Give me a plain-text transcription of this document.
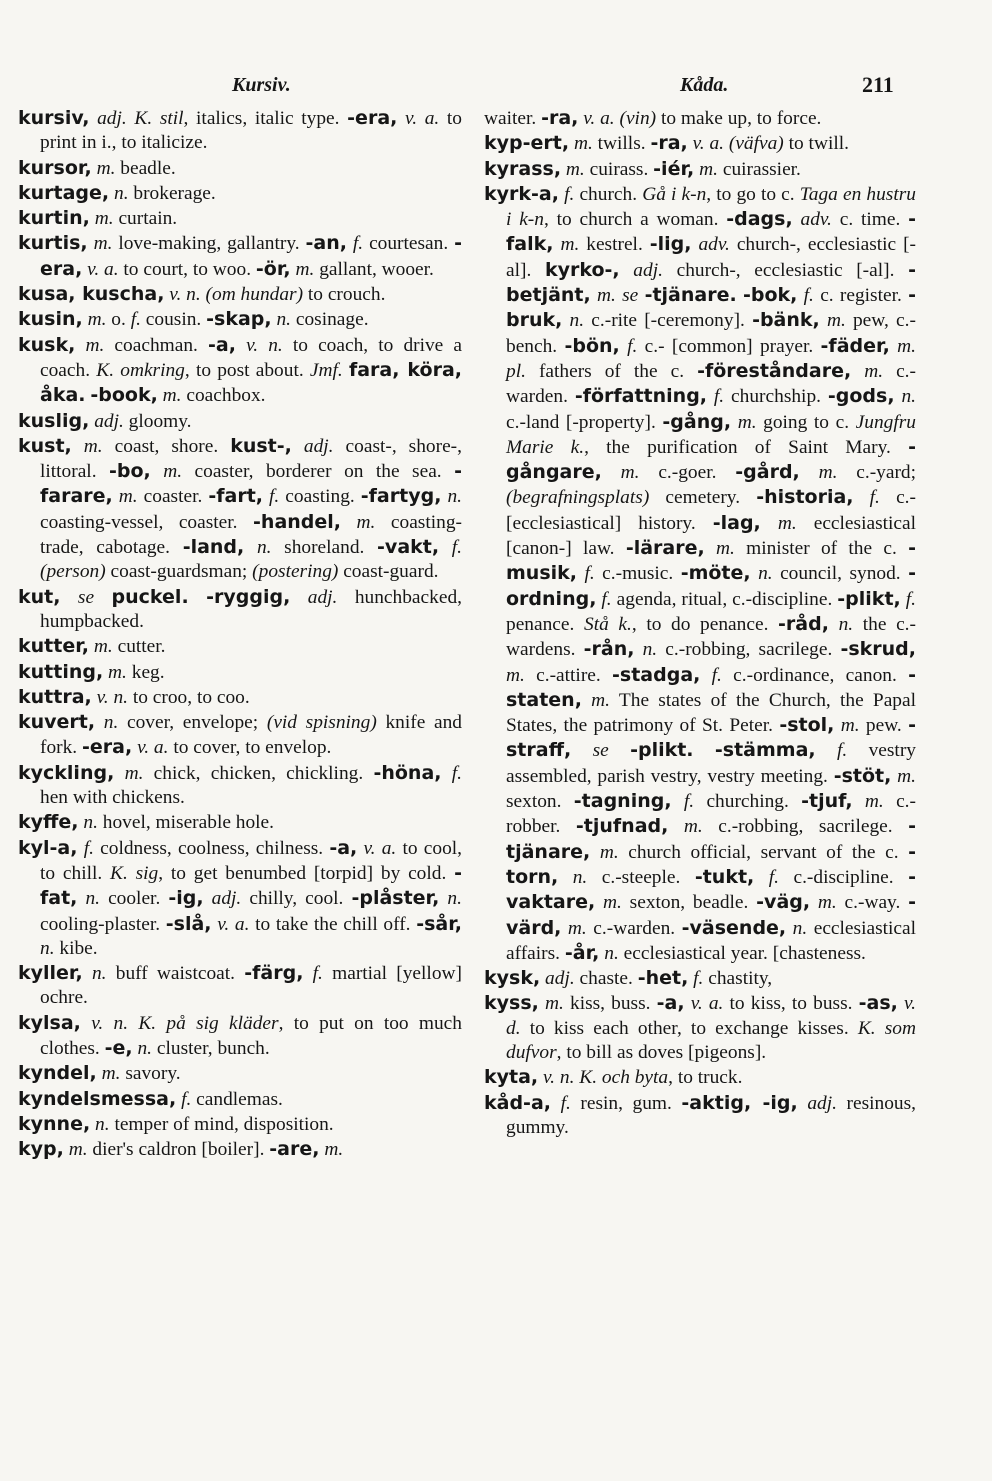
Kursiv.	Kåda.	211

kursiv, adj. K. stil, italics, italic type. -era, v. a. to print in i., to italicize.

kursor, m. beadle.

kurtage, n. brokerage.

kurtin, m. curtain.

kurtis, m. love-making, gallantry. -an, f. courtesan. -era, v. a. to court, to woo. -ör, m. gallant, wooer.

kusa, kuscha, v. n. (om hundar) to crouch.

kusin, m. o. f. cousin. -skap, n. cosinage.

kusk, m. coachman. -a, v. n. to coach, to drive a coach. K. omkring, to post about. Jmf. fara, köra, åka. -book, m. coachbox.

kuslig, adj. gloomy.

kust, m. coast, shore. kust-, adj. coast-, shore-, littoral. -bo, m. coaster, borderer on the sea. -farare, m. coaster. -fart, f. coasting. -fartyg, n. coasting-vessel, coaster. -handel, m. coasting-trade, cabotage. -land, n. shoreland. -vakt, f. (person) coast-guardsman; (postering) coast-guard.

kut, se puckel. -ryggig, adj. hunchbacked, humpbacked.

kutter, m. cutter.

kutting, m. keg.

kuttra, v. n. to croo, to coo.

kuvert, n. cover, envelope; (vid spisning) knife and fork. -era, v. a. to cover, to envelop.

kyckling, m. chick, chicken, chickling. -höna, f. hen with chickens.

kyffe, n. hovel, miserable hole.

kyl-a, f. coldness, coolness, chilness. -a, v. a. to cool, to chill. K. sig, to get benumbed [torpid] by cold. -fat, n. cooler. -ig, adj. chilly, cool. -plåster, n. cooling-plaster. -slå, v. a. to take the chill off. -sår, n. kibe.

kyller, n. buff waistcoat. -färg, f. martial [yellow] ochre.

kylsa, v. n. K. på sig kläder, to put on too much clothes. -e, n. cluster, bunch.

kyndel, m. savory.

kyndelsmessa, f. candlemas.

kynne, n. temper of mind, disposition.

kyp, m. dier's caldron [boiler]. -are, m.

waiter. -ra, v. a. (vin) to make up, to force.

kyp-ert, m. twills. -ra, v. a. (väfva) to twill.

kyrass, m. cuirass. -iér, m. cuirassier.

kyrk-a, f. church. Gå i k-n, to go to c. Taga en hustru i k-n, to church a woman. -dags, adv. c. time. -falk, m. kestrel. -lig, adv. church-, ecclesiastic [-al]. kyrko-, adj. church-, ecclesiastic [-al]. -betjänt, m. se -tjänare. -bok, f. c. register. -bruk, n. c.-rite [-ceremony]. -bänk, m. pew, c.-bench. -bön, f. c.- [common] prayer. -fäder, m. pl. fathers of the c. -föreståndare, m. c.-warden. -författning, f. churchship. -gods, n. c.-land [-property]. -gång, m. going to c. Jungfru Marie k., the purification of Saint Mary. -gångare, m. c.-goer. -gård, m. c.-yard; (begrafningsplats) cemetery. -historia, f. c.- [ecclesiastical] history. -lag, m. ecclesiastical [canon-] law. -lärare, m. minister of the c. -musik, f. c.-music. -möte, n. council, synod. -ordning, f. agenda, ritual, c.-discipline. -plikt, f. penance. Stå k., to do penance. -råd, n. the c.-wardens. -rån, n. c.-robbing, sacrilege. -skrud, m. c.-attire. -stadga, f. c.-ordinance, canon. -staten, m. The states of the Church, the Papal States, the patrimony of St. Peter. -stol, m. pew. -straff, se -plikt. -stämma, f. vestry assembled, parish vestry, vestry meeting. -stöt, m. sexton. -tagning, f. churching. -tjuf, m. c.-robber. -tjufnad, m. c.-robbing, sacrilege. -tjänare, m. church official, servant of the c. -torn, n. c.-steeple. -tukt, f. c.-discipline. -vaktare, m. sexton, beadle. -väg, m. c.-way. -värd, m. c.-warden. -väsende, n. ecclesiastical affairs. -år, n. ecclesiastical year. [chasteness.

kysk, adj. chaste. -het, f. chastity,

kyss, m. kiss, buss. -a, v. a. to kiss, to buss. -as, v. d. to kiss each other, to exchange kisses. K. som dufvor, to bill as doves [pigeons].

kyta, v. n. K. och byta, to truck.

kåd-a, f. resin, gum. -aktig, -ig, adj. resinous, gummy.
